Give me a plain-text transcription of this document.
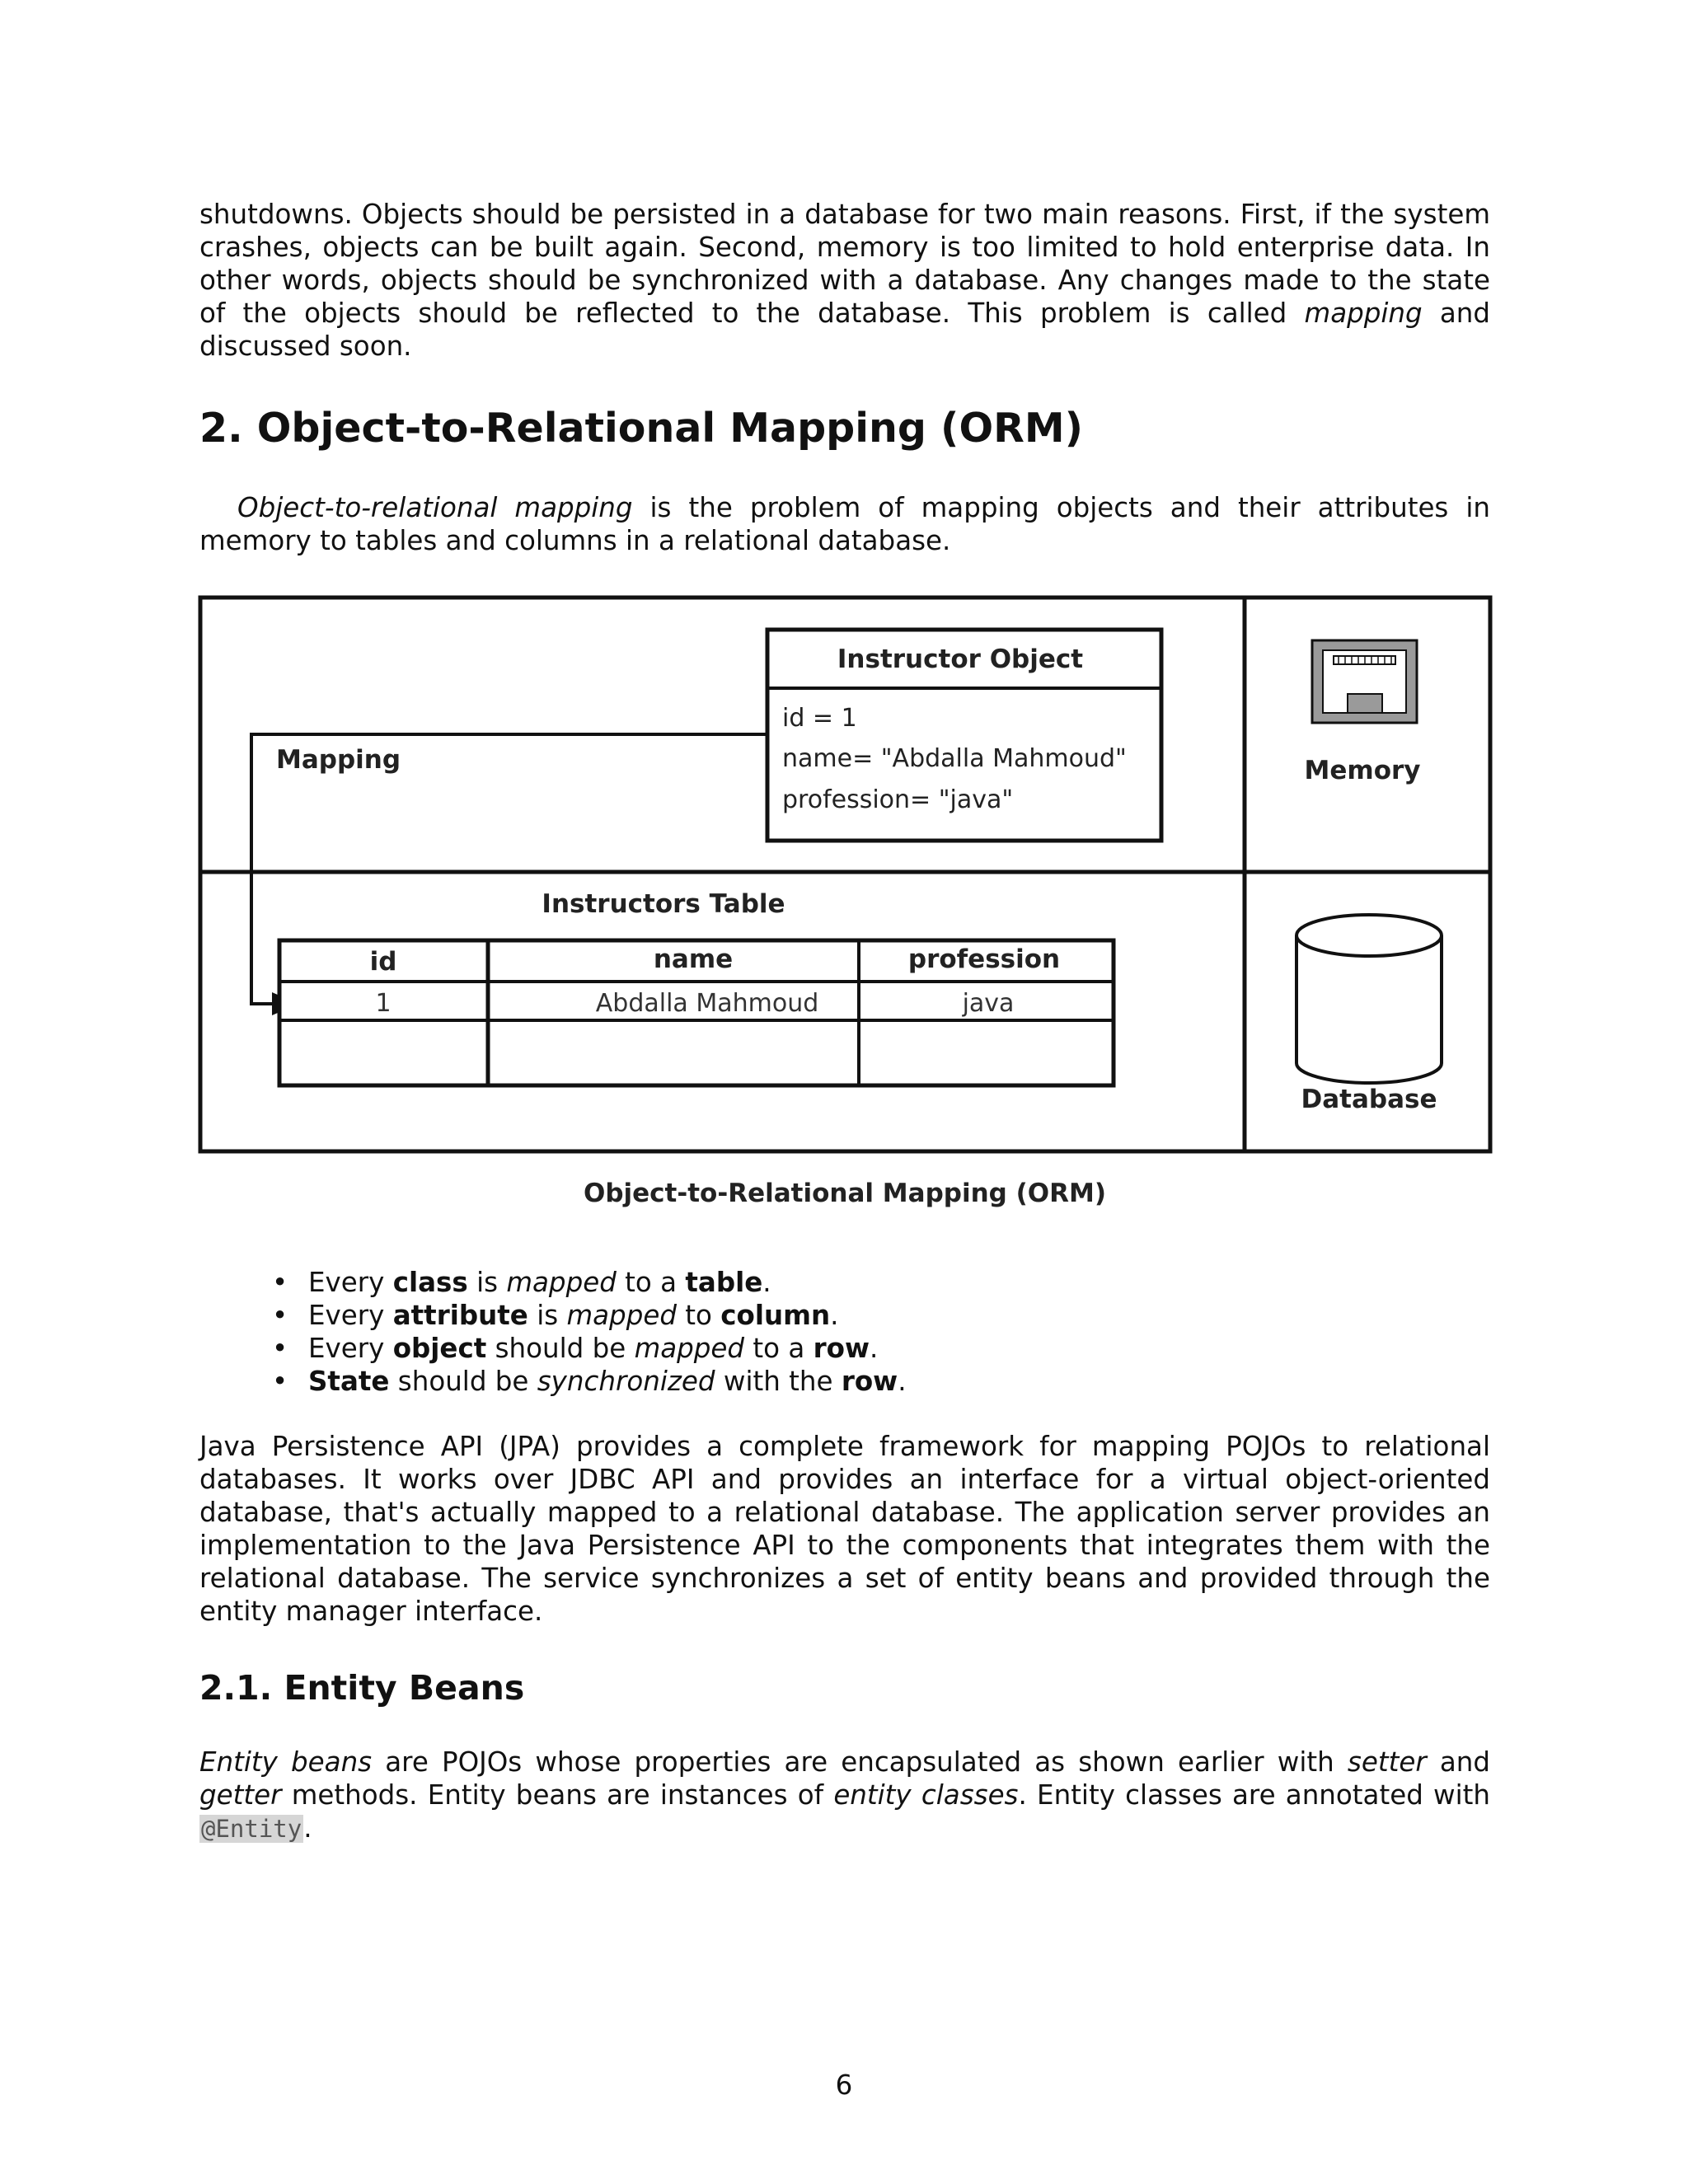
shutdowns. Objects should be persisted in a database for two main reasons. First, if the system crashes, objects can be built again. Second, memory is too limited to hold enterprise data. In other words, objects should be synchronized with a database. Any changes made to the state of the objects should be reflected to the database. This problem is called mapping and discussed soon.

2. Object-to-Relational Mapping (ORM)

Object-to-relational mapping is the problem of mapping objects and their attributes in memory to tables and columns in a relational database.

Instructor Object
id = 1
name= "Abdalla Mahmoud"
profession= "java"
Mapping	Memory
Instructors Table
id	name	profession
1	Abdalla Mahmoud	java
Database
Object-to-Relational Mapping (ORM)
• Every class is mapped to a table.
• Every attribute is mapped to column.
• Every object should be mapped to a row.
• State should be synchronized with the row.

Java Persistence API (JPA) provides a complete framework for mapping POJOs to relational databases. It works over JDBC API and provides an interface for a virtual object-oriented database, that's actually mapped to a relational database. The application server provides an implementation to the Java Persistence API to the components that integrates them with the relational database. The service synchronizes a set of entity beans and provided through the entity manager interface.

2.1. Entity Beans

Entity beans are POJOs whose properties are encapsulated as shown earlier with setter and getter methods. Entity beans are instances of entity classes. Entity classes are annotated with @Entity.

6
